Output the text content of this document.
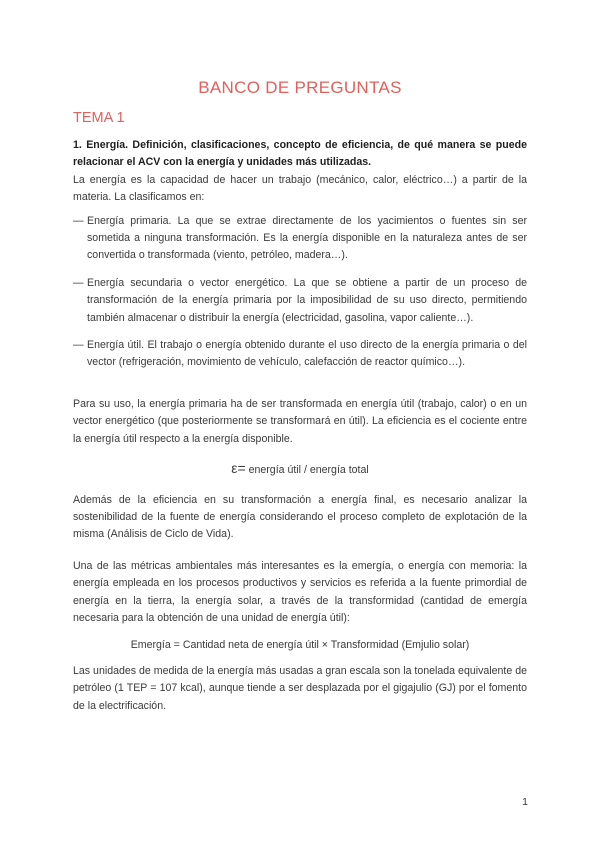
BANCO DE PREGUNTAS
TEMA 1

1. Energía. Definición, clasificaciones, concepto de eficiencia, de qué manera se puede relacionar el ACV con la energía y unidades más utilizadas.

La energía es la capacidad de hacer un trabajo (mecánico, calor, eléctrico…) a partir de la materia. La clasificamos en:

— Energía primaria. La que se extrae directamente de los yacimientos o fuentes sin ser sometida a ninguna transformación. Es la energía disponible en la naturaleza antes de ser convertida o transformada (viento, petróleo, madera…).
— Energía secundaria o vector energético. La que se obtiene a partir de un proceso de transformación de la energía primaria por la imposibilidad de su uso directo, permitiendo también almacenar o distribuir la energía (electricidad, gasolina, vapor caliente…).
— Energía útil. El trabajo o energía obtenido durante el uso directo de la energía primaria o del vector (refrigeración, movimiento de vehículo, calefacción de reactor químico…).

Para su uso, la energía primaria ha de ser transformada en energía útil (trabajo, calor) o en un vector energético (que posteriormente se transformará en útil). La eficiencia es el cociente entre la energía útil respecto a la energía disponible.

ε= energía útil / energía total

Además de la eficiencia en su transformación a energía final, es necesario analizar la sostenibilidad de la fuente de energía considerando el proceso completo de explotación de la misma (Análisis de Ciclo de Vida).

Una de las métricas ambientales más interesantes es la emergía, o energía con memoria: la energía empleada en los procesos productivos y servicios es referida a la fuente primordial de energía en la tierra, la energía solar, a través de la transformidad (cantidad de emergía necesaria para la obtención de una unidad de energía útil):

Emergía = Cantidad neta de energía útil × Transformidad (Emjulio solar)

Las unidades de medida de la energía más usadas a gran escala son la tonelada equivalente de petróleo (1 TEP = 107 kcal), aunque tiende a ser desplazada por el gigajulio (GJ) por el fomento de la electrificación.

1
